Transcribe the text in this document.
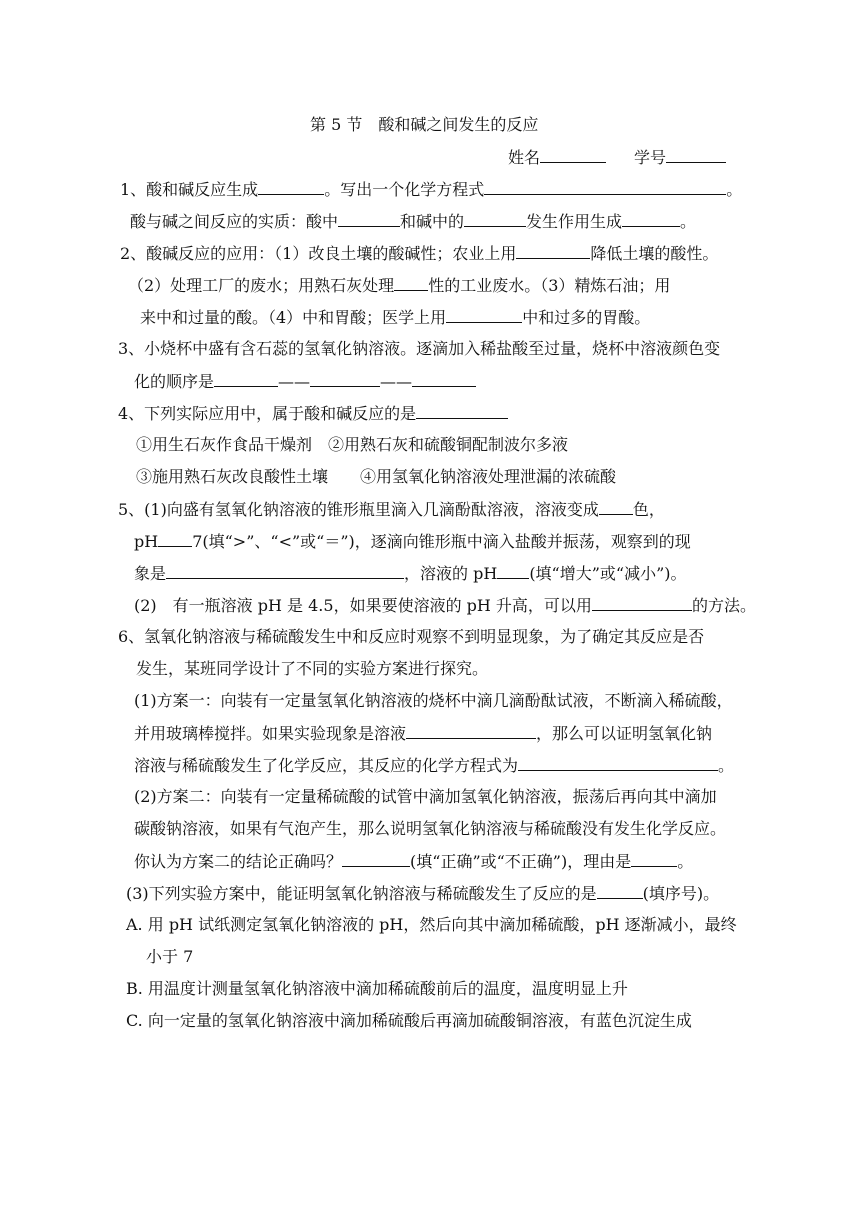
第 5 节　酸和碱之间发生的反应
姓名	学号
1、酸和碱反应生成	。写出一个化学方程式	。
酸与碱之间反应的实质：酸中	和碱中的	发生作用生成	。
2、酸碱反应的应用：（1）改良土壤的酸碱性；农业上用	降低土壤的酸性。
（2）处理工厂的废水；用熟石灰处理 性的工业废水。（3）精炼石油；用
来中和过量的酸。（4）中和胃酸；医学上用	中和过多的胃酸。
3、小烧杯中盛有含石蕊的氢氧化钠溶液。逐滴加入稀盐酸至过量，烧杯中溶液颜色变
化的顺序是	——	——
4、下列实际应用中，属于酸和碱反应的是
①用生石灰作食品干燥剂　②用熟石灰和硫酸铜配制波尔多液
③施用熟石灰改良酸性土壤　　④用氢氧化钠溶液处理泄漏的浓硫酸
5、(1)向盛有氢氧化钠溶液的锥形瓶里滴入几滴酚酞溶液，溶液变成 色，
pH 7(填“>”、“<”或“＝”)，逐滴向锥形瓶中滴入盐酸并振荡，观察到的现
象是	，溶液的 pH (填“增大”或“减小”)。
(2)　有一瓶溶液 pH 是 4.5，如果要使溶液的 pH 升高，可以用	的方法。
6、氢氧化钠溶液与稀硫酸发生中和反应时观察不到明显现象，为了确定其反应是否
发生，某班同学设计了不同的实验方案进行探究。
(1)方案一：向装有一定量氢氧化钠溶液的烧杯中滴几滴酚酞试液，不断滴入稀硫酸，
并用玻璃棒搅拌。如果实验现象是溶液	，那么可以证明氢氧化钠
溶液与稀硫酸发生了化学反应，其反应的化学方程式为	。
(2)方案二：向装有一定量稀硫酸的试管中滴加氢氧化钠溶液，振荡后再向其中滴加
碳酸钠溶液，如果有气泡产生，那么说明氢氧化钠溶液与稀硫酸没有发生化学反应。
你认为方案二的结论正确吗？	(填“正确”或“不正确”)，理由是	。
(3)下列实验方案中，能证明氢氧化钠溶液与稀硫酸发生了反应的是	(填序号)。
A. 用 pH 试纸测定氢氧化钠溶液的 pH，然后向其中滴加稀硫酸，pH 逐渐减小，最终
小于 7
B. 用温度计测量氢氧化钠溶液中滴加稀硫酸前后的温度，温度明显上升
C. 向一定量的氢氧化钠溶液中滴加稀硫酸后再滴加硫酸铜溶液，有蓝色沉淀生成
